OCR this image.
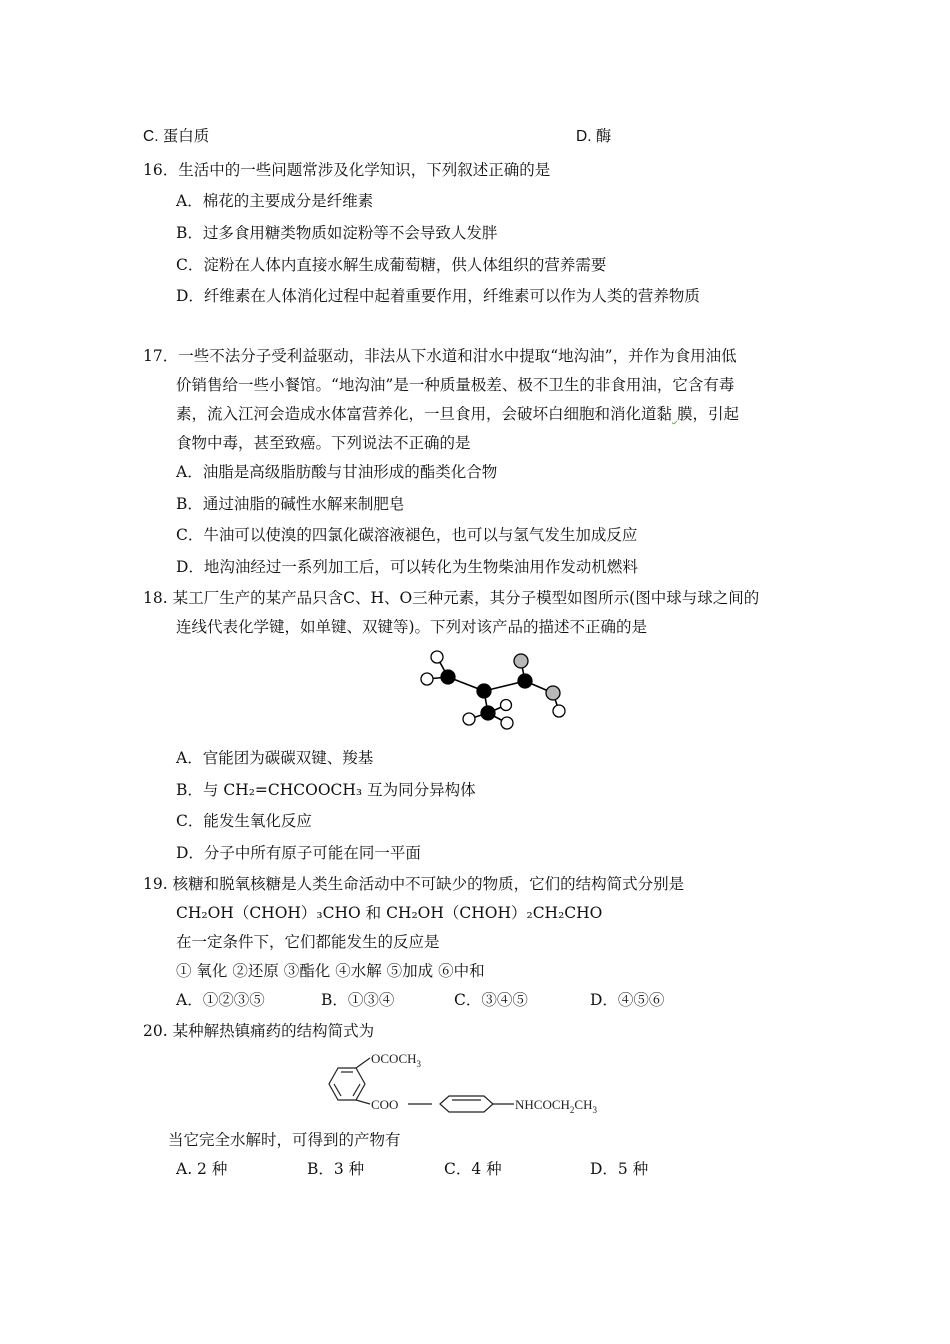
C. 蛋白质	D. 酶
16．生活中的一些问题常涉及化学知识，下列叙述正确的是
A．棉花的主要成分是纤维素
B．过多食用糖类物质如淀粉等不会导致人发胖
C．淀粉在人体内直接水解生成葡萄糖，供人体组织的营养需要
D．纤维素在人体消化过程中起着重要作用，纤维素可以作为人类的营养物质
17．一些不法分子受利益驱动，非法从下水道和泔水中提取“地沟油”，并作为食用油低
价销售给一些小餐馆。“地沟油”是一种质量极差、极不卫生的非食用油，它含有毒
素，流入江河会造成水体富营养化，一旦食用，会破坏白细胞和消化道黏​ 膜，引起
食物中毒，甚至致癌。下列说法不正确的是
A．油脂是高级脂肪酸与甘油形成的酯类化合物
B．通过油脂的碱性水解来制肥皂
C．牛油可以使溴的四氯化碳溶液褪色，也可以与氢气发生加成反应
D．地沟油经过一系列加工后，可以转化为生物柴油用作发动机燃料
18. 某工厂生产的某产品只含C、H、O三种元素，其分子模型如图所示(图中球与球之间的
连线代表化学键，如单键、双键等)。下列对该产品的描述不正确的是
A．官能团为碳碳双键、羧基
B．与 CH₂=CHCOOCH₃ 互为同分异构体
C．能发生氧化反应
D．分子中所有原子可能在同一平面
19. 核糖和脱氧核糖是人类生命活动中不可缺少的物质，它们的结构简式分别是
CH₂OH（CHOH）₃CHO 和 CH₂OH（CHOH）₂CH₂CHO
在一定条件下，它们都能发生的反应是
① 氧化 ②还原 ③酯化 ④水解 ⑤加成 ⑥中和
A．①②③⑤	B．①③④	C．③④⑤	D．④⑤⑥
20. 某种解热镇痛药的结构简式为
$OCOCH_3$
COO	$NHCOCH_2CH_3$
当它完全水解时，可得到的产物有
A. 2 种	B．3 种	C．4 种	D．5 种
